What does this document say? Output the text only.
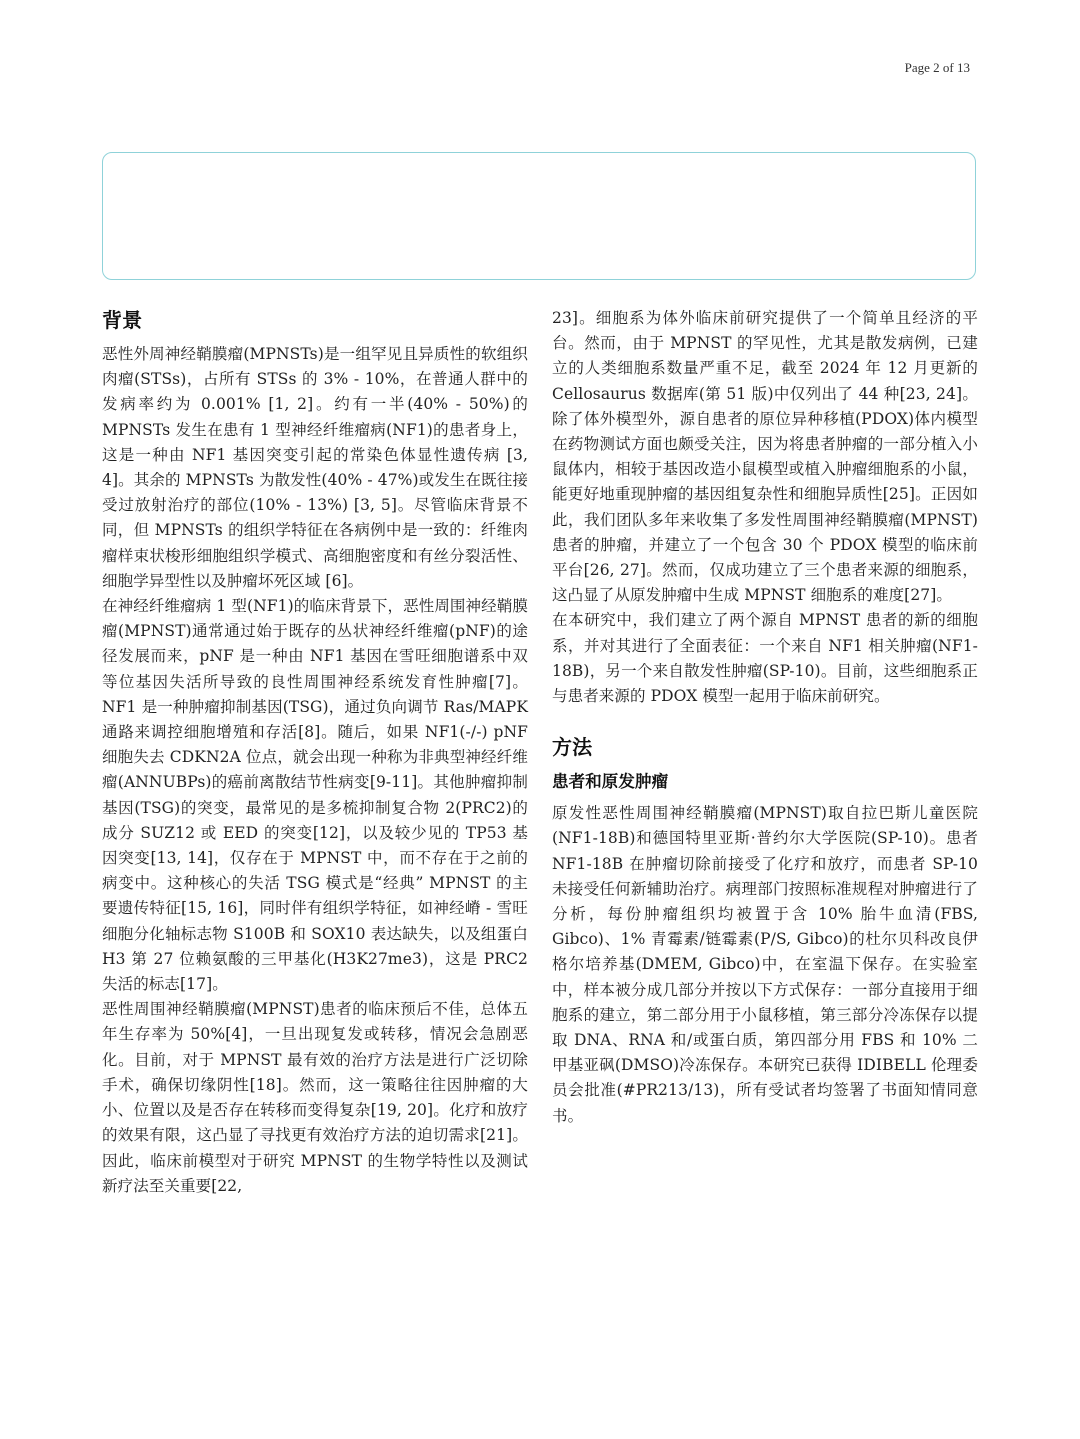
Page 2 of 13
背景

恶性外周神经鞘膜瘤(MPNSTs)是一组罕见且异质性的软组织肉瘤(STSs)，占所有 STSs 的 3% - 10%，在普通人群中的发病率约为 0.001% [1, 2]。约有一半(40% - 50%)的 MPNSTs 发生在患有 1 型神经纤维瘤病(NF1)的患者身上，这是一种由 NF1 基因突变引起的常染色体显性遗传病 [3, 4]。其余的 MPNSTs 为散发性(40% - 47%)或发生在既往接受过放射治疗的部位(10% - 13%) [3, 5]。尽管临床背景不同，但 MPNSTs 的组织学特征在各病例中是一致的：纤维肉瘤样束状梭形细胞组织学模式、高细胞密度和有丝分裂活性、细胞学异型性以及肿瘤坏死区域 [6]。

在神经纤维瘤病 1 型(NF1)的临床背景下，恶性周围神经鞘膜瘤(MPNST)通常通过始于既存的丛状神经纤维瘤(pNF)的途径发展而来，pNF 是一种由 NF1 基因在雪旺细胞谱系中双等位基因失活所导致的良性周围神经系统发育性肿瘤[7]。NF1 是一种肿瘤抑制基因(TSG)，通过负向调节 Ras/MAPK 通路来调控细胞增殖和存活[8]。随后，如果 NF1(-/-) pNF 细胞失去 CDKN2A 位点，就会出现一种称为非典型神经纤维瘤(ANNUBPs)的癌前离散结节性病变[9-11]。其他肿瘤抑制基因(TSG)的突变，最常见的是多梳抑制复合物 2(PRC2)的成分 SUZ12 或 EED 的突变[12]，以及较少见的 TP53 基因突变[13, 14]，仅存在于 MPNST 中，而不存在于之前的病变中。这种核心的失活 TSG 模式是“经典” MPNST 的主要遗传特征[15, 16]，同时伴有组织学特征，如神经嵴 - 雪旺细胞分化轴标志物 S100B 和 SOX10 表达缺失，以及组蛋白 H3 第 27 位赖氨酸的三甲基化(H3K27me3)，这是 PRC2 失活的标志[17]。

恶性周围神经鞘膜瘤(MPNST)患者的临床预后不佳，总体五年生存率为 50%[4]，一旦出现复发或转移，情况会急剧恶化。目前，对于 MPNST 最有效的治疗方法是进行广泛切除手术，确保切缘阴性[18]。然而，这一策略往往因肿瘤的大小、位置以及是否存在转移而变得复杂[19, 20]。化疗和放疗的效果有限，这凸显了寻找更有效治疗方法的迫切需求[21]。因此，临床前模型对于研究 MPNST 的生物学特性以及测试新疗法至关重要[22,

23]。细胞系为体外临床前研究提供了一个简单且经济的平台。然而，由于 MPNST 的罕见性，尤其是散发病例，已建立的人类细胞系数量严重不足，截至 2024 年 12 月更新的 Cellosaurus 数据库(第 51 版)中仅列出了 44 种[23, 24]。除了体外模型外，源自患者的原位异种移植(PDOX)体内模型在药物测试方面也颇受关注，因为将患者肿瘤的一部分植入小鼠体内，相较于基因改造小鼠模型或植入肿瘤细胞系的小鼠，能更好地重现肿瘤的基因组复杂性和细胞异质性[25]。正因如此，我们团队多年来收集了多发性周围神经鞘膜瘤(MPNST)患者的肿瘤，并建立了一个包含 30 个 PDOX 模型的临床前平台[26, 27]。然而，仅成功建立了三个患者来源的细胞系，这凸显了从原发肿瘤中生成 MPNST 细胞系的难度[27]。

在本研究中，我们建立了两个源自 MPNST 患者的新的细胞系，并对其进行了全面表征：一个来自 NF1 相关肿瘤(NF1-18B)，另一个来自散发性肿瘤(SP-10)。目前，这些细胞系正与患者来源的 PDOX 模型一起用于临床前研究。

方法
患者和原发肿瘤

原发性恶性周围神经鞘膜瘤(MPNST)取自拉巴斯儿童医院(NF1-18B)和德国特里亚斯·普约尔大学医院(SP-10)。患者 NF1-18B 在肿瘤切除前接受了化疗和放疗，而患者 SP-10 未接受任何新辅助治疗。病理部门按照标准规程对肿瘤进行了分析，每份肿瘤组织均被置于含 10% 胎牛血清(FBS, Gibco)、1% 青霉素/链霉素(P/S, Gibco)的杜尔贝科改良伊格尔培养基(DMEM, Gibco)中，在室温下保存。在实验室中，样本被分成几部分并按以下方式保存：一部分直接用于细胞系的建立，第二部分用于小鼠移植，第三部分冷冻保存以提取 DNA、RNA 和/或蛋白质，第四部分用 FBS 和 10% 二甲基亚砜(DMSO)冷冻保存。本研究已获得 IDIBELL 伦理委员会批准(#PR213/13)，所有受试者均签署了书面知情同意书。
